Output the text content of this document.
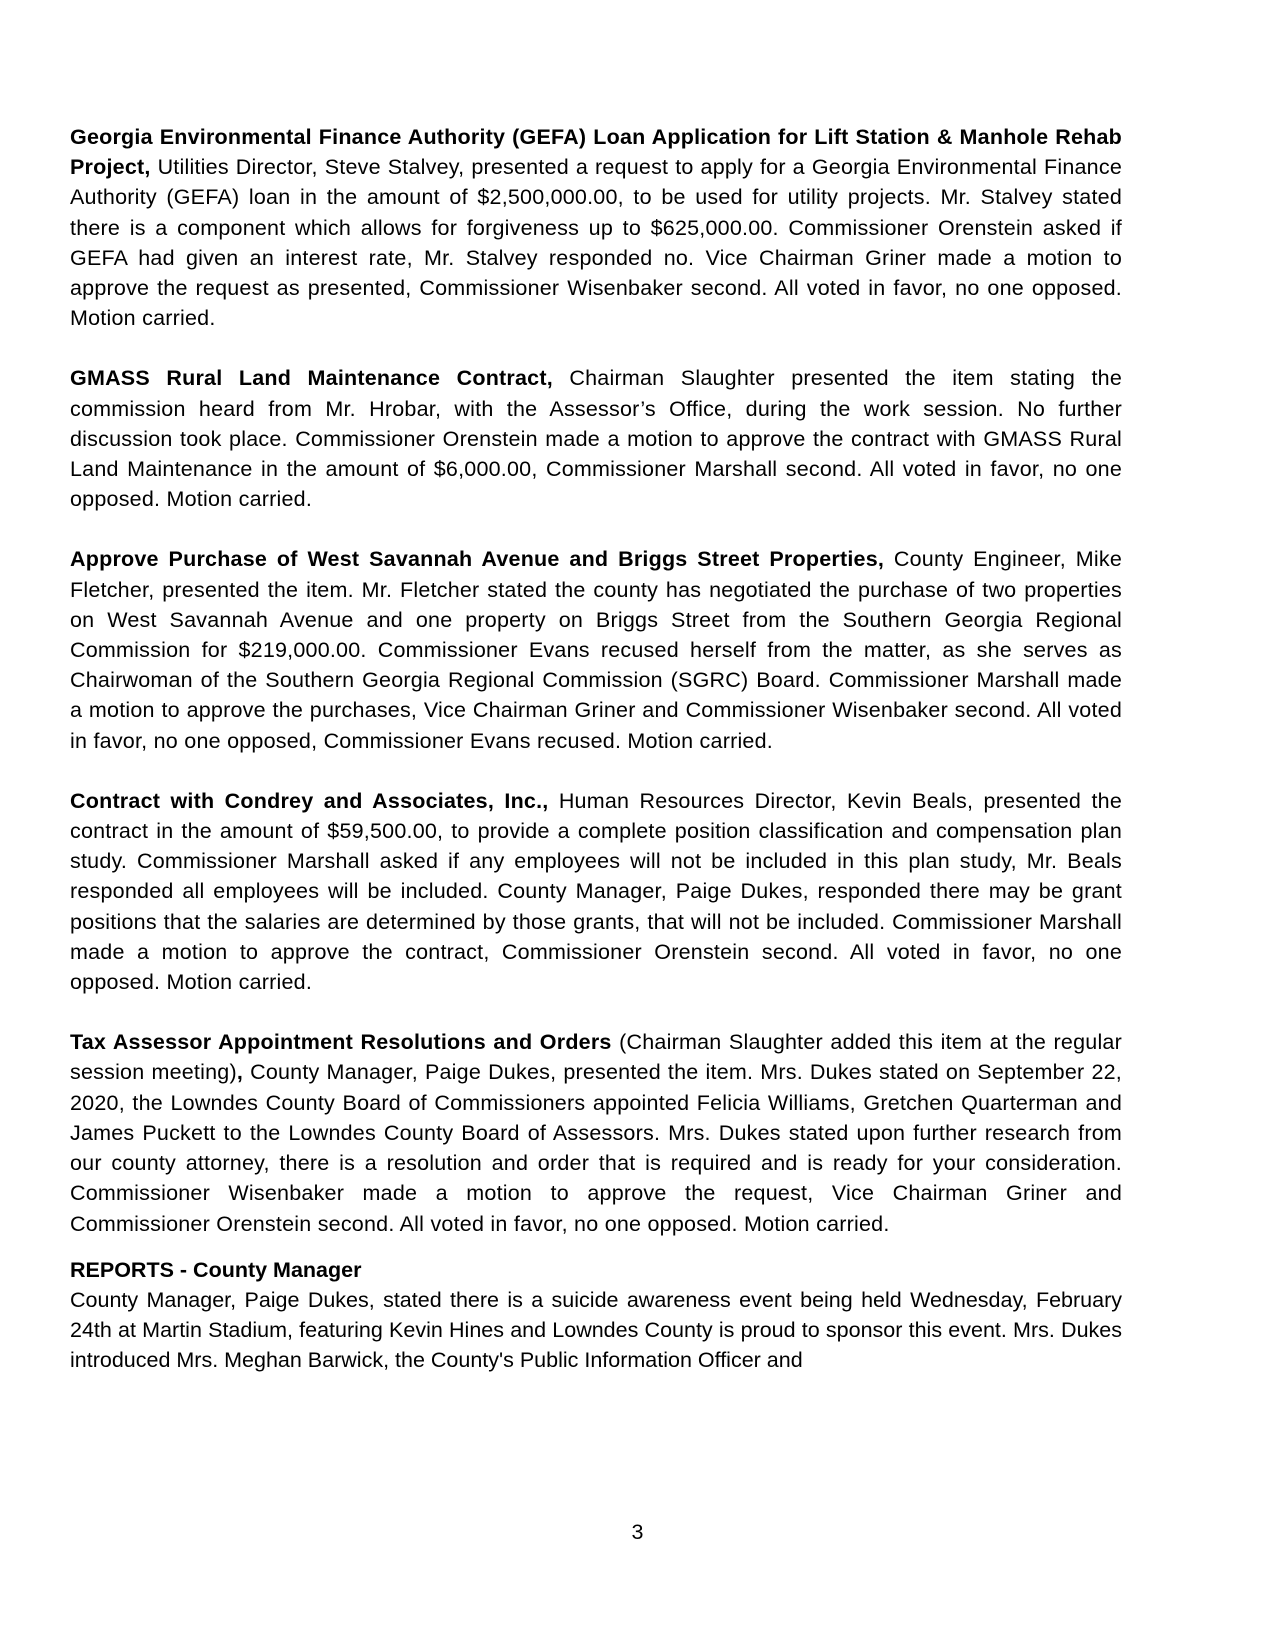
Georgia Environmental Finance Authority (GEFA) Loan Application for Lift Station & Manhole Rehab Project, Utilities Director, Steve Stalvey, presented a request to apply for a Georgia Environmental Finance Authority (GEFA) loan in the amount of $2,500,000.00, to be used for utility projects. Mr. Stalvey stated there is a component which allows for forgiveness up to $625,000.00. Commissioner Orenstein asked if GEFA had given an interest rate, Mr. Stalvey responded no. Vice Chairman Griner made a motion to approve the request as presented, Commissioner Wisenbaker second. All voted in favor, no one opposed. Motion carried.

GMASS Rural Land Maintenance Contract, Chairman Slaughter presented the item stating the commission heard from Mr. Hrobar, with the Assessor’s Office, during the work session. No further discussion took place. Commissioner Orenstein made a motion to approve the contract with GMASS Rural Land Maintenance in the amount of $6,000.00, Commissioner Marshall second. All voted in favor, no one opposed. Motion carried.

Approve Purchase of West Savannah Avenue and Briggs Street Properties, County Engineer, Mike Fletcher, presented the item. Mr. Fletcher stated the county has negotiated the purchase of two properties on West Savannah Avenue and one property on Briggs Street from the Southern Georgia Regional Commission for $219,000.00. Commissioner Evans recused herself from the matter, as she serves as Chairwoman of the Southern Georgia Regional Commission (SGRC) Board. Commissioner Marshall made a motion to approve the purchases, Vice Chairman Griner and Commissioner Wisenbaker second. All voted in favor, no one opposed, Commissioner Evans recused. Motion carried.

Contract with Condrey and Associates, Inc., Human Resources Director, Kevin Beals, presented the contract in the amount of $59,500.00, to provide a complete position classification and compensation plan study. Commissioner Marshall asked if any employees will not be included in this plan study, Mr. Beals responded all employees will be included. County Manager, Paige Dukes, responded there may be grant positions that the salaries are determined by those grants, that will not be included. Commissioner Marshall made a motion to approve the contract, Commissioner Orenstein second. All voted in favor, no one opposed. Motion carried.

Tax Assessor Appointment Resolutions and Orders (Chairman Slaughter added this item at the regular session meeting), County Manager, Paige Dukes, presented the item. Mrs. Dukes stated on September 22, 2020, the Lowndes County Board of Commissioners appointed Felicia Williams, Gretchen Quarterman and James Puckett to the Lowndes County Board of Assessors. Mrs. Dukes stated upon further research from our county attorney, there is a resolution and order that is required and is ready for your consideration. Commissioner Wisenbaker made a motion to approve the request, Vice Chairman Griner and Commissioner Orenstein second. All voted in favor, no one opposed. Motion carried.

REPORTS - County Manager
County Manager, Paige Dukes, stated there is a suicide awareness event being held Wednesday, February 24th at Martin Stadium, featuring Kevin Hines and Lowndes County is proud to sponsor this event. Mrs. Dukes introduced Mrs. Meghan Barwick, the County's Public Information Officer and
3
